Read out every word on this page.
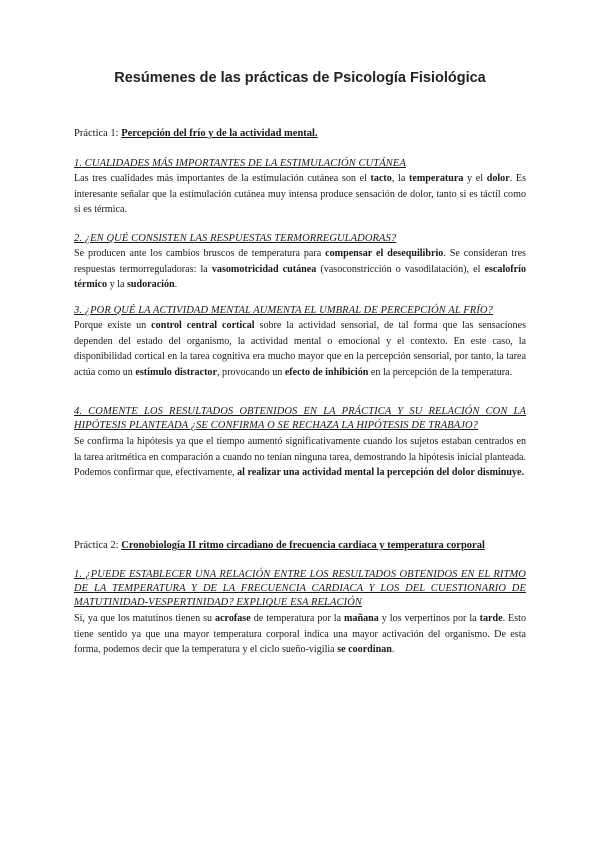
Resúmenes de las prácticas de Psicología Fisiológica
Práctica 1: Percepción del frío y de la actividad mental.
1. CUALIDADES MÁS IMPORTANTES DE LA ESTIMULACIÓN CUTÁNEA
Las tres cualidades más importantes de la estimulación cutánea son el tacto, la temperatura y el dolor. Es interesante señalar que la estimulación cutánea muy intensa produce sensación de dolor, tanto si es táctil como si es térmica.
2. ¿EN QUÉ CONSISTEN LAS RESPUESTAS TERMORREGULADORAS?
Se producen ante los cambios bruscos de temperatura para compensar el desequilibrio. Se consideran tres respuestas termorreguladoras: la vasomotricidad cutánea (vasoconstricción o vasodilatación), el escalofrío térmico y la sudoración.
3. ¿POR QUÉ LA ACTIVIDAD MENTAL AUMENTA EL UMBRAL DE PERCEPCIÓN AL FRÍO?
Porque existe un control central cortical sobre la actividad sensorial, de tal forma que las sensaciones dependen del estado del organismo, la actividad mental o emocional y el contexto. En este caso, la disponibilidad cortical en la tarea cognitiva era mucho mayor que en la percepción sensorial, por tanto, la tarea actúa como un estímulo distractor, provocando un efecto de inhibición en la percepción de la temperatura.
4. COMENTE LOS RESULTADOS OBTENIDOS EN LA PRÁCTICA Y SU RELACIÓN CON LA HIPÓTESIS PLANTEADA ¿SE CONFIRMA O SE RECHAZA LA HIPÓTESIS DE TRABAJO?
Se confirma la hipótesis ya que el tiempo aumentó significativamente cuando los sujetos estaban centrados en la tarea aritmética en comparación a cuando no tenían ninguna tarea, demostrando la hipótesis inicial planteada. Podemos confirmar que, efectivamente, al realizar una actividad mental la percepción del dolor disminuye.
Práctica 2: Cronobiología II ritmo circadiano de frecuencia cardiaca y temperatura corporal
1. ¿PUEDE ESTABLECER UNA RELACIÓN ENTRE LOS RESULTADOS OBTENIDOS EN EL RITMO DE LA TEMPERATURA Y DE LA FRECUENCIA CARDIACA Y LOS DEL CUESTIONARIO DE MATUTINIDAD-VESPERTINIDAD? EXPLIQUE ESA RELACIÓN
Sí, ya que los matutinos tienen su acrofase de temperatura por la mañana y los verpertinos por la tarde. Esto tiene sentido ya que una mayor temperatura corporal indica una mayor activación del organismo. De esta forma, podemos decir que la temperatura y el ciclo sueño-vigilia se coordinan.
